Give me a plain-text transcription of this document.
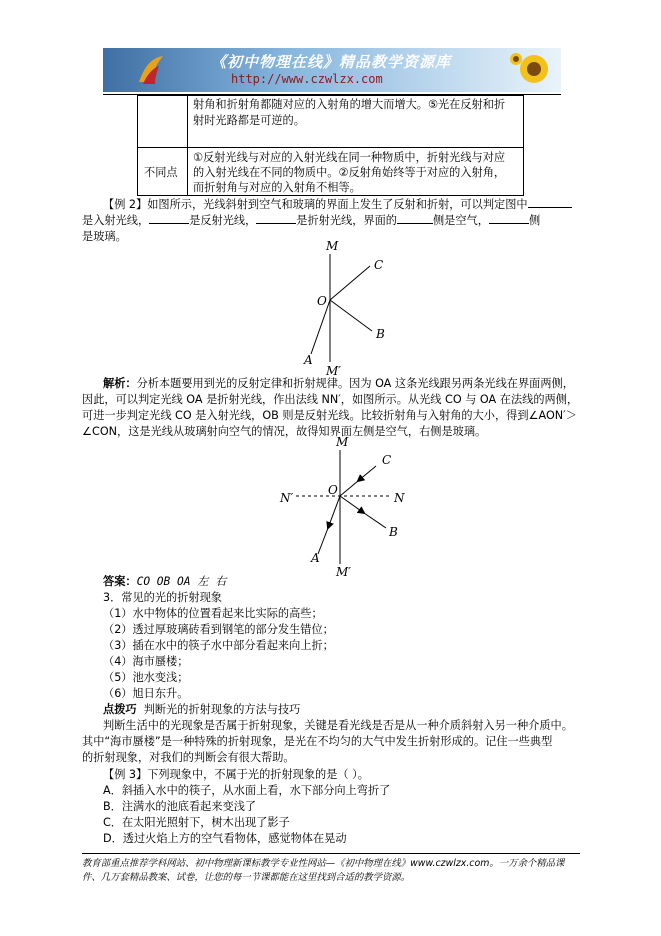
《初中物理在线》精品教学资源库
http://www.czwlzx.com
射角和折射角都随对应的入射角的增大而增大。⑤光在反射和折
射时光路都是可逆的。
不同点
①反射光线与对应的入射光线在同一种物质中，折射光线与对应
的入射光线在不同的物质中。②反射角始终等于对应的入射角，
而折射角与对应的入射角不相等。
【例 2】如图所示，光线斜射到空气和玻璃的界面上发生了反射和折射，可以判定图中
是入射光线，	是反射光线，	是折射光线，界面的	侧是空气，	侧
是玻璃。
M
C
O
B
A
M′
解析：分析本题要用到光的反射定律和折射规律。因为 OA 这条光线跟另两条光线在界面两侧，
因此，可以判定光线 OA 是折射光线，作出法线 NN′，如图所示。从光线 CO 与 OA 在法线的两侧，
可进一步判定光线 CO 是入射光线，OB 则是反射光线。比较折射角与入射角的大小，得到∠AON′＞
∠CON，这是光线从玻璃射向空气的情况，故得知界面左侧是空气，右侧是玻璃。
M
C
N′
O
N
B
A
M′
答案：CO OB OA 左 右
3．常见的光的折射现象
（1）水中物体的位置看起来比实际的高些；
（2）透过厚玻璃砖看到钢笔的部分发生错位；
（3）插在水中的筷子水中部分看起来向上折；
（4）海市蜃楼；
（5）池水变浅；
（6）旭日东升。
点拨巧 判断光的折射现象的方法与技巧
判断生活中的光现象是否属于折射现象，关键是看光线是否是从一种介质斜射入另一种介质中。
其中“海市蜃楼”是一种特殊的折射现象，是光在不均匀的大气中发生折射形成的。记住一些典型
的折射现象，对我们的判断会有很大帮助。
【例 3】下列现象中，不属于光的折射现象的是（ ）。
A．斜插入水中的筷子，从水面上看，水下部分向上弯折了
B．注满水的池底看起来变浅了
C．在太阳光照射下，树木出现了影子
D．透过火焰上方的空气看物体，感觉物体在晃动
教育部重点推荐学科网站、初中物理新课标教学专业性网站—《初中物理在线》www.czwlzx.com。一万余个精品课
件、几万套精品教案、试卷，让您的每一节课都能在这里找到合适的教学资源。
